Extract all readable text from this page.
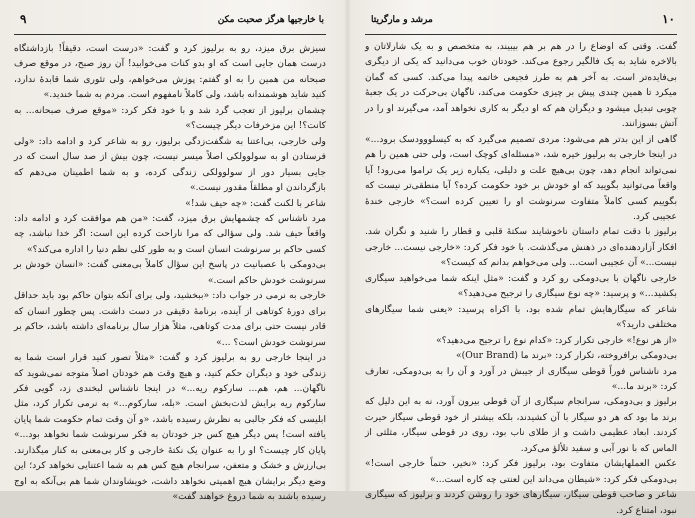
۹	با خارجیها هرگز صحبت مکن
سیزش برق میزد، رو به برلیوز کرد و گفت: «درست است، دقیقاً! بازداشتگاه درست همان جایی است که او بدو کنات می‌خوابید! آن روز صبح، در موقع صرف صبحانه من همین را به او گفتم: پوزش می‌خواهم، ولی تئوری شما قابدهٔ ندارد، کنید شاید هوشمندانه باشد، ولی کاملاً نامفهوم است. مردم به شما خندید.»
چشمان برلیوز از تعجب گرد شد و با خود فکر کرد: «موقع صرف صبحانه... به کانت؟! این مزخرفات دیگر چیست؟»
ولی خارجی، بی‌اعتنا به شگفت‌زدگی برلیوز، رو به شاعر کرد و ادامه داد: «ولی فرستادن او به سولوولکی اصلاً میسر نیست، چون بیش از صد سال است که در جایی بسیار دور از سولوولکی زندگی کرده، و به شما اطمینان می‌دهم که بازگرداندن او مطلقاً مقدور نیست.»
شاعر با لکنت گفت: «چه حیف شد!»
مرد ناشناس که چشمهایش برق میزد، گفت: «من هم موافقت کرد و ادامه داد: واقعاً حیف شد. ولی سؤالی که مرا ناراحت کرده این است: اگر خدا نباشد، چه کسی حاکم بر سرنوشت انسان است و به طور کلی نظم دنیا را اداره می‌کند؟»
بی‌دومکی با عصبانیت در پاسخ این سؤال کاملاً بی‌معنی گفت: «انسان خودش بر سرنوشت خودش حاکم است.»
خارجی به نرمی در جواب داد: «ببخشید، ولی برای آنکه بتوان حاکم بود باید حداقل برای دورهٔ کوتاهی از آینده، برنامهٔ دقیقی در دست داشت. پس چطور انسان که قادر نیست حتی برای مدت کوتاهی، مثلاً هزار سال برنامه‌ای داشته باشد، حاکم بر سرنوشت خودش است؟ ...»
در اینجا خارجی رو به برلیوز کرد و گفت: «مثلاً تصور کنید قرار است شما به زندگی خود و دیگران حکم کنید، و هیچ وقت هم خودتان اصلاً متوجه نمی‌شوید که ناگهان... هم، هم... سارکوم ریه...» در اینجا ناشناس لبخندی زد، گویی فکر سارکوم ریه برایش لذت‌بخش است. «بله، سارکوم...» به نرمی تکرار کرد، مثل ابلیسی که فکر جالبی به نظرش رسیده باشد، «و آن وقت تمام حکومت شما پایان یافته است! پس دیگر هیچ کس جز خودتان به فکر سرنوشت شما نخواهد بود...» پایان کار چیست؟ او را به عنوان یک نکتهٔ خارجی و کار بی‌معنی به کنار میگذارند. بی‌ارزش و خشک و متعفن، سرانجام هیچ کس هم به شما اعتنایی نخواهد کرد؛ این وضع دیگر برایشان هیچ اهمیتی نخواهد داشت، خویشاوندان شما هم بی‌آنکه به اوج رسیده باشند به شما دروغ خواهند گفت»
۱۰
مرشد و مارگریتا
گفت. وقتی که اوضاع را در هم بر هم بیبیند، به متخصص و به یک شارلاتان و بالاخره شاید به یک فالگیر رجوع می‌کند. خودتان خوب می‌دانید که یکی از دیگری بی‌فایده‌تر است. به آخر هم به طرز فجیعی خاتمه پیدا می‌کند. کسی که گمان میکرد تا همین چندی پیش بر چیزی حکومت می‌کند، ناگهان بی‌حرکت در یک جعبهٔ چوبی تبدیل میشود و دیگران هم که او دیگر به کاری نخواهد آمد، می‌گیرند او را در آتش بسوزانند.
گاهی از این بدتر هم می‌شود: مردی تصمیم می‌گیرد که به کیسلووودسک برود...» در اینجا خارجی به برلیوز خیره شد، «مسئله‌ای کوچک است، ولی حتی همین را هم نمی‌تواند انجام دهد، چون بی‌هیچ علت و دلیلی، یکباره زیر یک تراموا می‌رود! آیا واقعاً می‌توانید بگویید که او خودش بر خود حکومت کرده؟ آیا منطقی‌تر نیست که بگوییم کسی کاملاً متفاوت سرنوشت او را تعیین کرده است؟» خارجی خندهٔ عجیبی کرد.
برلیوز با دقت تمام داستان ناخوشایند سکتهٔ قلبی و قطار را شنید و نگران شد. افکار آزاردهنده‌ای در ذهنش می‌گذشت. با خود فکر کرد: «خارجی نیست... خارجی نیست...» آن عجیبی است... ولی می‌خواهم بدانم که کیست؟»
خارجی ناگهان با بی‌دومکی رو کرد و گفت: «مثل اینکه شما می‌خواهید سیگاری بکشید...» و پرسید: «چه نوع سیگاری را ترجیح می‌دهید؟»
شاعر که سیگارهایش تمام شده بود، با اکراه پرسید: «یعنی شما سیگارهای مختلفی دارید؟»
«از هر نوع!» خارجی تکرار کرد: «کدام نوع را ترجیح می‌دهید؟»
بی‌دومکی برافروخته، تکرار کرد: «برند ما (Our Brand)»
مرد ناشناس فوراً قوطی سیگاری از جیبش در آورد و آن را به بی‌دومکی، تعارف کرد: «برند ما...»
برلیوز و بی‌دومکی، سرانجام سیگاری از آن قوطی بیرون آورد، نه به این دلیل که برند ما بود که هر دو سیگار با آن کشیدند، بلکه بیشتر از خود قوطی سیگار حیرت کردند. ابعاد عظیمی داشت و از طلای ناب بود، روی در قوطی سیگار، مثلثی از الماس که با نور آبی و سفید تلألؤ می‌کرد.
عکس العملهایشان متفاوت بود، برلیوز فکر کرد: «نخیر، حتماً خارجی است!» بی‌دومکی فکر کرد: «شیطان می‌داند این لعنتی چه کاره است...»
شاعر و صاحب قوطی سیگار، سیگارهای خود را روشن کردند و برلیوز که سیگاری نبود، امتناع کرد.
